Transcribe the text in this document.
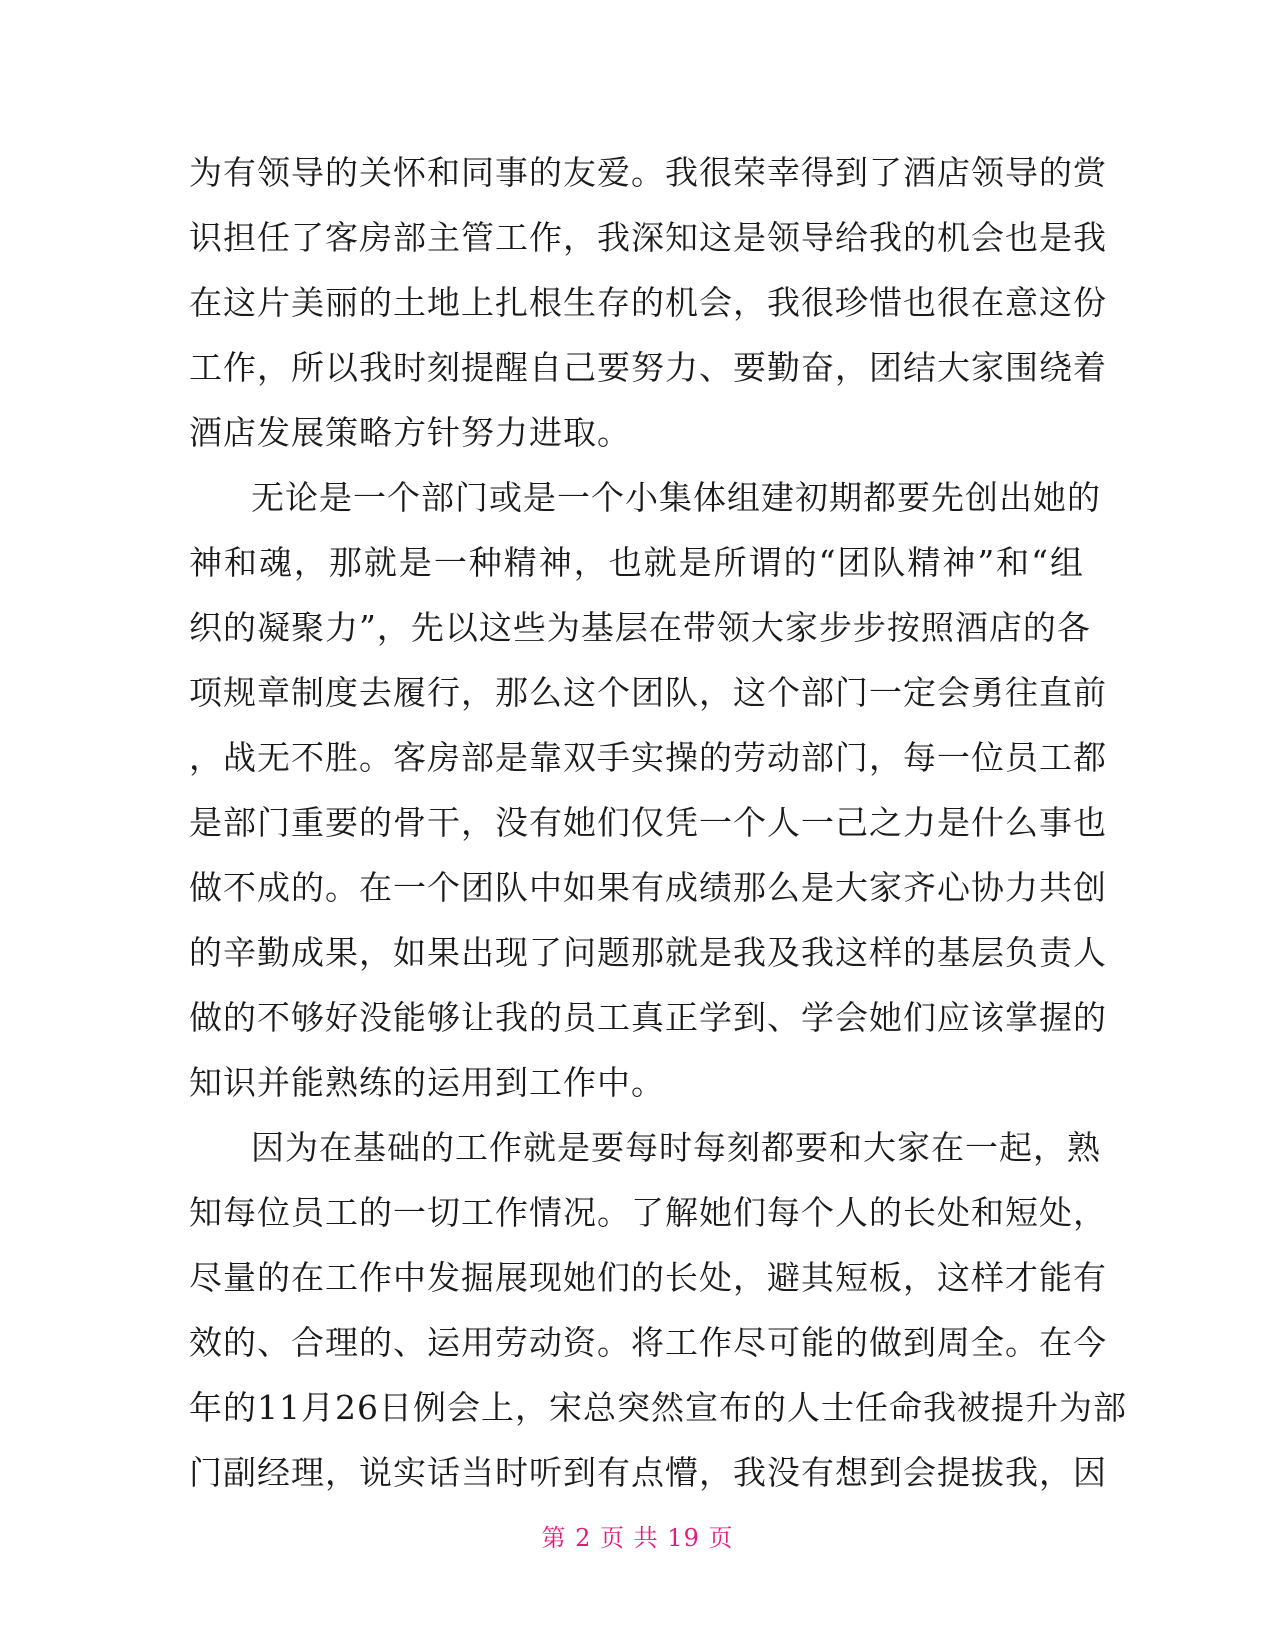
为有领导的关怀和同事的友爱。我很荣幸得到了酒店领导的赏
识担任了客房部主管工作，我深知这是领导给我的机会也是我
在这片美丽的土地上扎根生存的机会，我很珍惜也很在意这份
工作，所以我时刻提醒自己要努力、要勤奋，团结大家围绕着
酒店发展策略方针努力进取。
无论是一个部门或是一个小集体组建初期都要先创出她的
神和魂，那就是一种精神，也就是所谓的“团队精神”和“组
织的凝聚力”，先以这些为基层在带领大家步步按照酒店的各
项规章制度去履行，那么这个团队，这个部门一定会勇往直前
，战无不胜。客房部是靠双手实操的劳动部门，每一位员工都
是部门重要的骨干，没有她们仅凭一个人一己之力是什么事也
做不成的。在一个团队中如果有成绩那么是大家齐心协力共创
的辛勤成果，如果出现了问题那就是我及我这样的基层负责人
做的不够好没能够让我的员工真正学到、学会她们应该掌握的
知识并能熟练的运用到工作中。
因为在基础的工作就是要每时每刻都要和大家在一起，熟
知每位员工的一切工作情况。了解她们每个人的长处和短处，
尽量的在工作中发掘展现她们的长处，避其短板，这样才能有
效的、合理的、运用劳动资。将工作尽可能的做到周全。在今
年的11月26日例会上，宋总突然宣布的人士任命我被提升为部
门副经理，说实话当时听到有点懵，我没有想到会提拔我，因
第 2 页 共 19 页
